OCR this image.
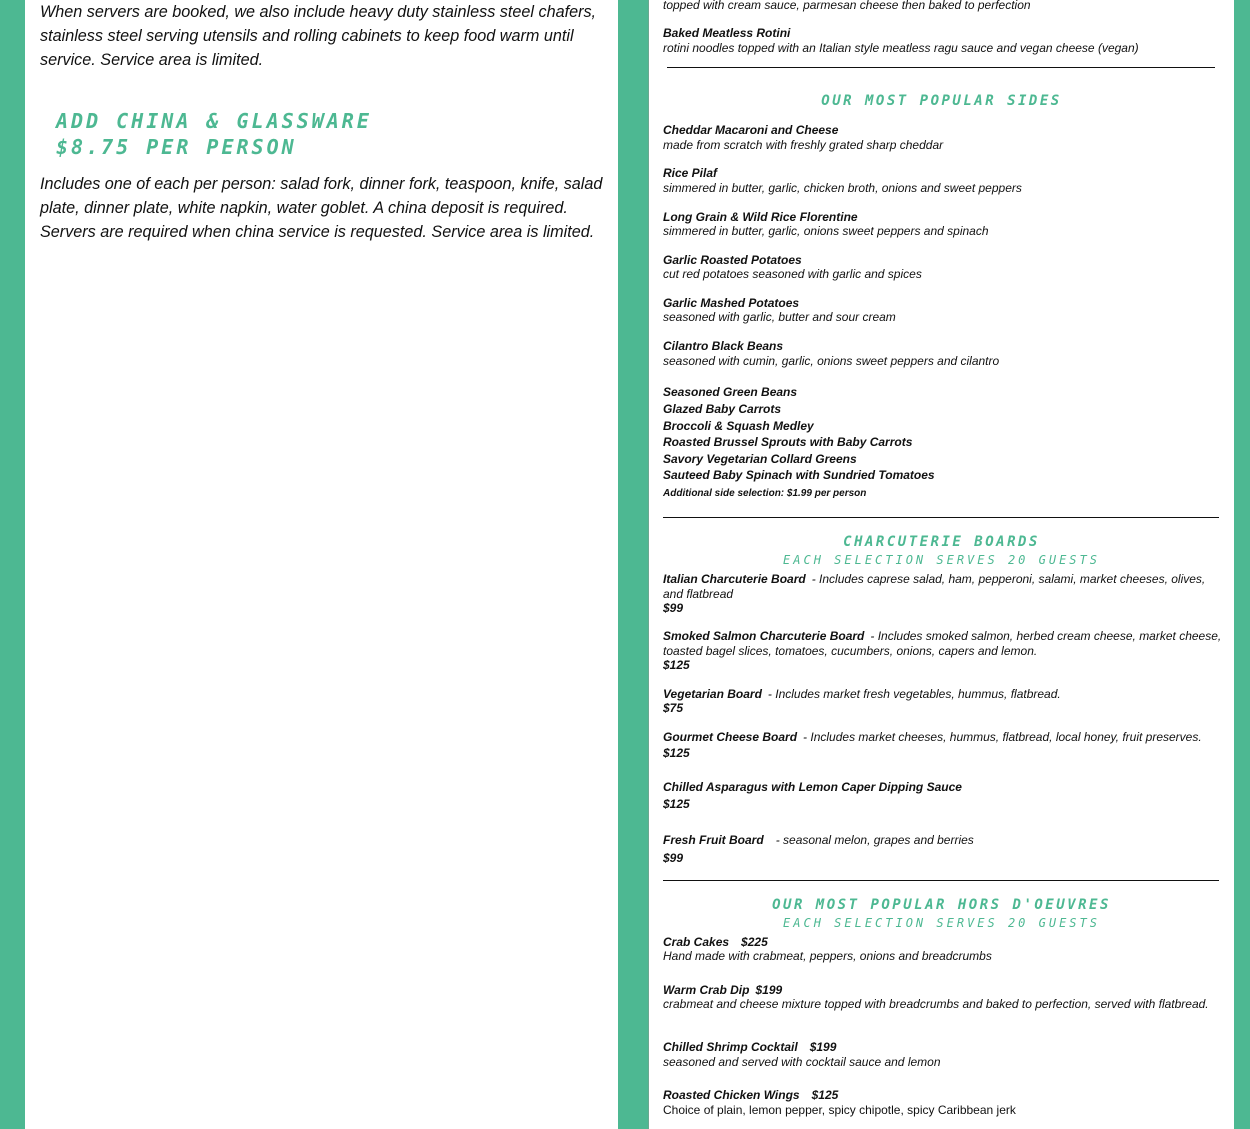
When servers are booked, we also include heavy duty stainless steel chafers, stainless steel serving utensils and rolling cabinets to keep food warm until service. Service area is limited.
ADD CHINA & GLASSWARE
$8.75 PER PERSON
Includes one of each per person: salad fork, dinner fork, teaspoon, knife, salad plate, dinner plate, white napkin, water goblet. A china deposit is required. Servers are required when china service is requested. Service area is limited.
topped with cream sauce, parmesan cheese then baked to perfection
Baked Meatless Rotini
rotini noodles topped with an Italian style meatless ragu sauce and vegan cheese (vegan)
OUR MOST POPULAR SIDES
Cheddar Macaroni and Cheese
made from scratch with freshly grated sharp cheddar
Rice Pilaf
simmered in butter, garlic, chicken broth, onions and sweet peppers
Long Grain & Wild Rice Florentine
simmered in butter, garlic, onions sweet peppers and spinach
Garlic Roasted Potatoes
cut red potatoes seasoned with garlic and spices
Garlic Mashed Potatoes
seasoned with garlic, butter and sour cream
Cilantro Black Beans
seasoned with cumin, garlic, onions sweet peppers and cilantro
Seasoned Green Beans
Glazed Baby Carrots
Broccoli & Squash Medley
Roasted Brussel Sprouts with Baby Carrots
Savory Vegetarian Collard Greens
Sauteed Baby Spinach with Sundried Tomatoes
Additional side selection: $1.99 per person
CHARCUTERIE BOARDS
EACH SELECTION SERVES 20 GUESTS
Italian Charcuterie Board - Includes caprese salad, ham, pepperoni, salami, market cheeses, olives, and flatbread
$99
Smoked Salmon Charcuterie Board - Includes smoked salmon, herbed cream cheese, market cheese, toasted bagel slices, tomatoes, cucumbers, onions, capers and lemon.
$125
Vegetarian Board - Includes market fresh vegetables, hummus, flatbread.
$75
Gourmet Cheese Board - Includes market cheeses, hummus, flatbread, local honey, fruit preserves.
$125
Chilled Asparagus with Lemon Caper Dipping Sauce
$125
Fresh Fruit Board - seasonal melon, grapes and berries
$99
OUR MOST POPULAR HORS D'OEUVRES
EACH SELECTION SERVES 20 GUESTS
Crab Cakes $225
Hand made with crabmeat, peppers, onions and breadcrumbs
Warm Crab Dip $199
crabmeat and cheese mixture topped with breadcrumbs and baked to perfection, served with flatbread.
Chilled Shrimp Cocktail $199
seasoned and served with cocktail sauce and lemon
Roasted Chicken Wings $125
Choice of plain, lemon pepper, spicy chipotle, spicy Caribbean jerk
